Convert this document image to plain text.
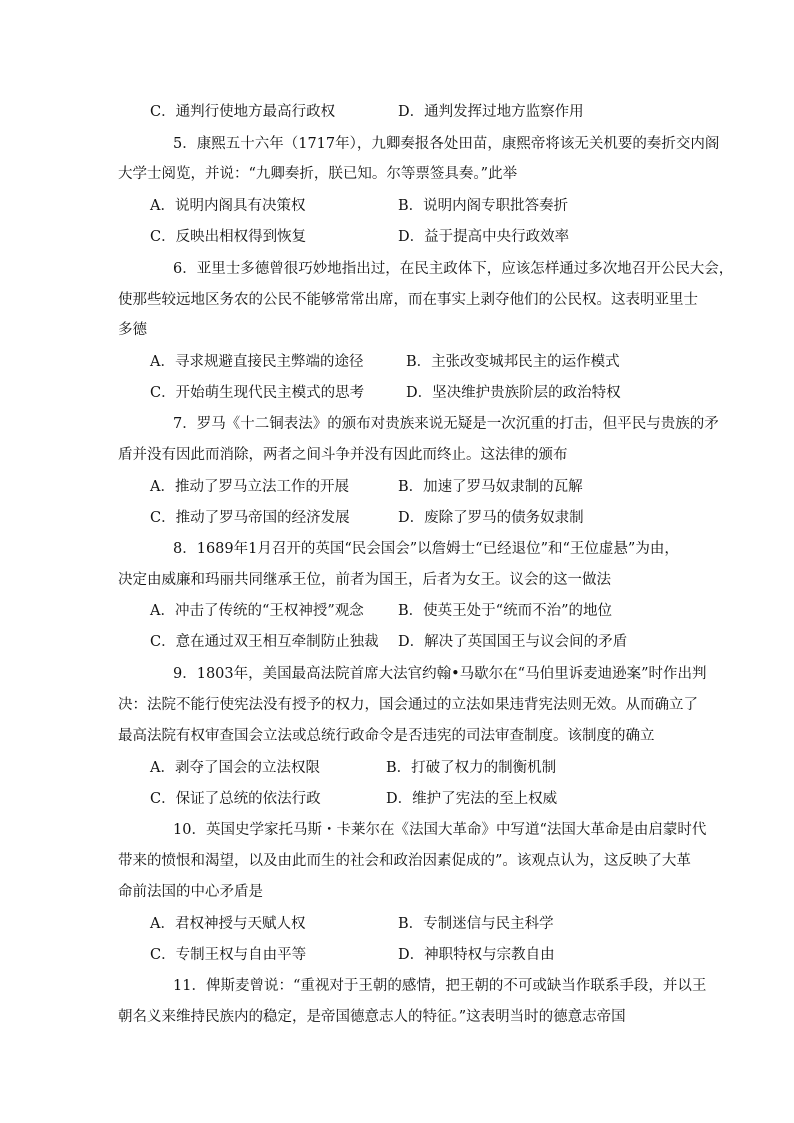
C．通判行使地方最高行政权	D．通判发挥过地方监察作用
5．康熙五十六年（1717年），九卿奏报各处田苗，康熙帝将该无关机要的奏折交内阁
大学士阅览，并说：“九卿奏折，朕已知。尔等票签具奏。”此举
A．说明内阁具有决策权	B．说明内阁专职批答奏折
C．反映出相权得到恢复	D．益于提高中央行政效率
6．亚里士多德曾很巧妙地指出过，在民主政体下，应该怎样通过多次地召开公民大会，
使那些较远地区务农的公民不能够常常出席，而在事实上剥夺他们的公民权。这表明亚里士
多德
A．寻求规避直接民主弊端的途径	B．主张改变城邦民主的运作模式
C．开始萌生现代民主模式的思考	D．坚决维护贵族阶层的政治特权
7．罗马《十二铜表法》的颁布对贵族来说无疑是一次沉重的打击，但平民与贵族的矛
盾并没有因此而消除，两者之间斗争并没有因此而终止。这法律的颁布
A．推动了罗马立法工作的开展	B．加速了罗马奴隶制的瓦解
C．推动了罗马帝国的经济发展	D．废除了罗马的债务奴隶制
8．1689年1月召开的英国“民会国会”以詹姆士“已经退位”和“王位虚悬”为由，
决定由威廉和玛丽共同继承王位，前者为国王，后者为女王。议会的这一做法
A．冲击了传统的“王权神授”观念 B．使英王处于“统而不治”的地位
C．意在通过双王相互牵制防止独裁 D．解决了英国国王与议会间的矛盾
9．1803年，美国最高法院首席大法官约翰•马歇尔在“马伯里诉麦迪逊案”时作出判
决：法院不能行使宪法没有授予的权力，国会通过的立法如果违背宪法则无效。从而确立了
最高法院有权审查国会立法或总统行政命令是否违宪的司法审查制度。该制度的确立
A．剥夺了国会的立法权限	B．打破了权力的制衡机制
C．保证了总统的依法行政	D．维护了宪法的至上权威
10．英国史学家托马斯・卡莱尔在《法国大革命》中写道“法国大革命是由启蒙时代
带来的愤恨和渴望，以及由此而生的社会和政治因素促成的”。该观点认为，这反映了大革
命前法国的中心矛盾是
A．君权神授与天赋人权	B．专制迷信与民主科学
C．专制王权与自由平等	D．神职特权与宗教自由
11．俾斯麦曾说：“重视对于王朝的感情，把王朝的不可或缺当作联系手段，并以王
朝名义来维持民族内的稳定，是帝国德意志人的特征。”这表明当时的德意志帝国
